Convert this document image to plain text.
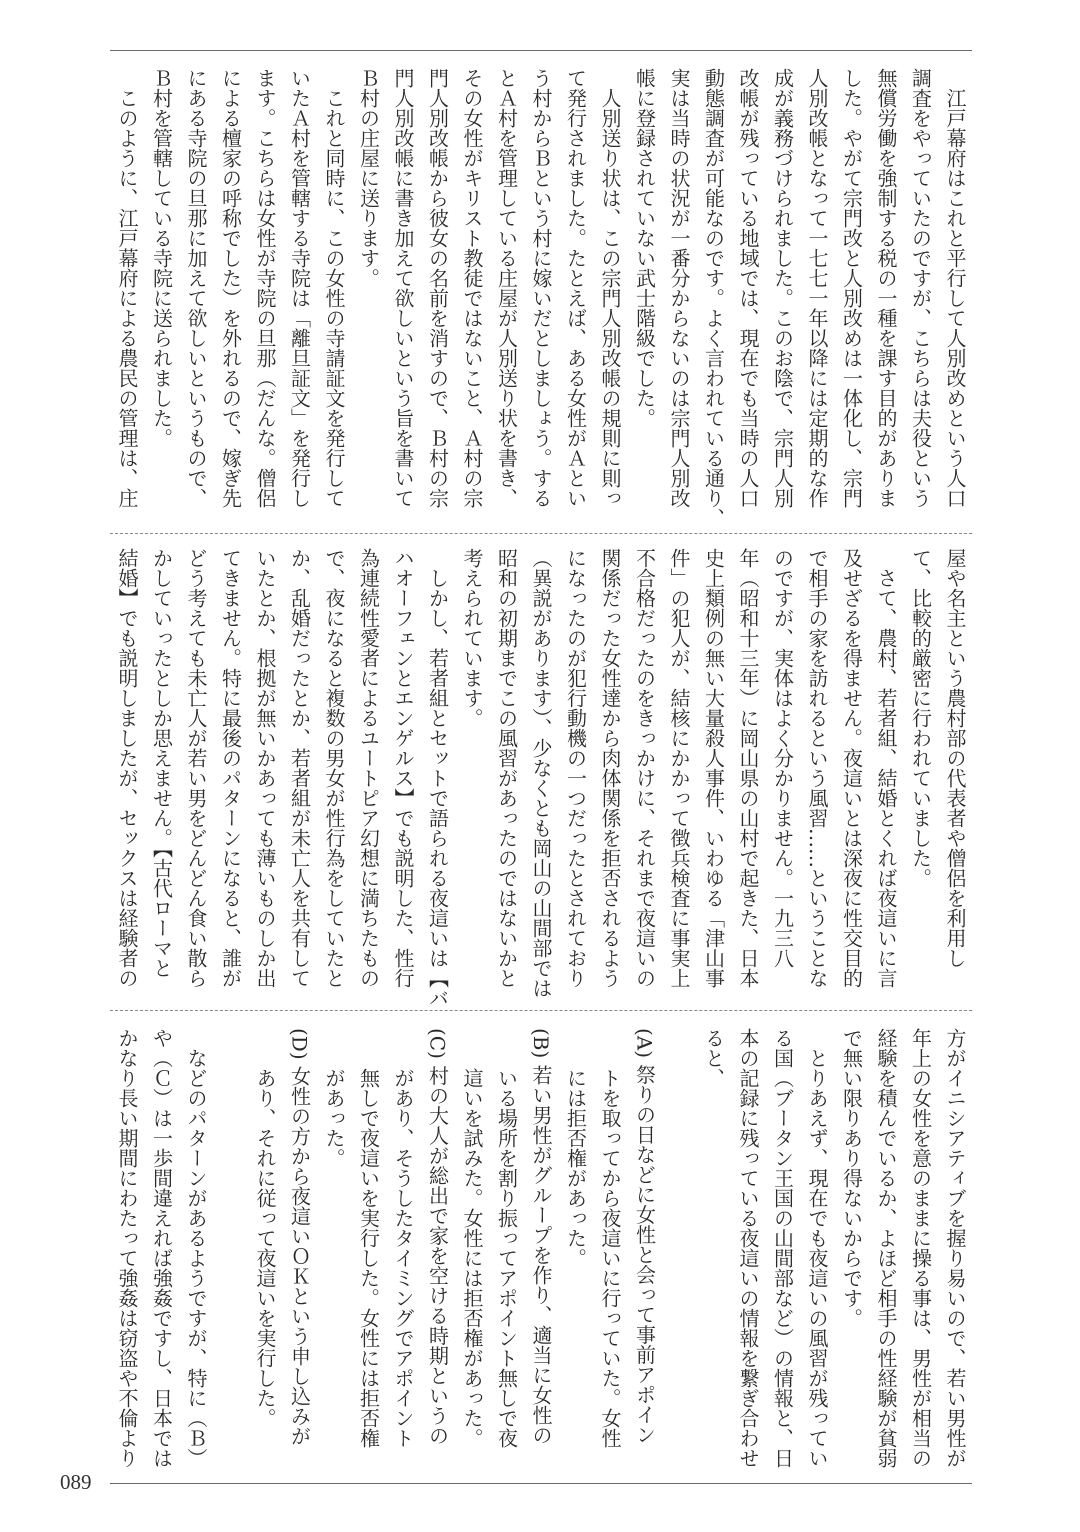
　江戸幕府はこれと平行して人別改めという人口
調査をやっていたのですが、こちらは夫役という
無償労働を強制する税の一種を課す目的がありま
した。やがて宗門改と人別改めは一体化し、宗門
人別改帳となって一七七一年以降には定期的な作
成が義務づけられました。このお陰で、宗門人別
改帳が残っている地域では、現在でも当時の人口
動態調査が可能なのです。よく言われている通り、
実は当時の状況が一番分からないのは宗門人別改
帳に登録されていない武士階級でした。
　人別送り状は、この宗門人別改帳の規則に則っ
て発行されました。たとえば、ある女性がＡとい
う村からＢという村に嫁いだとしましょう。する
とＡ村を管理している庄屋が人別送り状を書き、
その女性がキリスト教徒ではないこと、Ａ村の宗
門人別改帳から彼女の名前を消すので、Ｂ村の宗
門人別改帳に書き加えて欲しいという旨を書いて
Ｂ村の庄屋に送ります。
　これと同時に、この女性の寺請証文を発行して
いたＡ村を管轄する寺院は「離旦証文」を発行し
ます。こちらは女性が寺院の旦那（だんな。僧侶
による檀家の呼称でした）を外れるので、嫁ぎ先
にある寺院の旦那に加えて欲しいというもので、
Ｂ村を管轄している寺院に送られました。
　このように、江戸幕府による農民の管理は、庄
屋や名主という農村部の代表者や僧侶を利用し
て、比較的厳密に行われていました。
　さて、農村、若者組、結婚とくれば夜這いに言
及せざるを得ません。夜這いとは深夜に性交目的
で相手の家を訪れるという風習……ということな
のですが、実体はよく分かりません。一九三八
年（昭和十三年）に岡山県の山村で起きた、日本
史上類例の無い大量殺人事件、いわゆる「津山事
件」の犯人が、結核にかかって徴兵検査に事実上
不合格だったのをきっかけに、それまで夜這いの
関係だった女性達から肉体関係を拒否されるよう
になったのが犯行動機の一つだったとされており
（異説があります）、少なくとも岡山の山間部では
昭和の初期までこの風習があったのではないかと
考えられています。
　しかし、若者組とセットで語られる夜這いは【バ
ハオーフェンとエンゲルス】でも説明した、性行
為連続性愛者によるユートピア幻想に満ちたもの
で、夜になると複数の男女が性行為をしていたと
か、乱婚だったとか、若者組が未亡人を共有して
いたとか、根拠が無いかあっても薄いものしか出
てきません。特に最後のパターンになると、誰が
どう考えても未亡人が若い男をどんどん食い散ら
かしていったとしか思えません。【古代ローマと
結婚】でも説明しましたが、セックスは経験者の
方がイニシアティブを握り易いので、若い男性が
年上の女性を意のままに操る事は、男性が相当の
経験を積んでいるか、よほど相手の性経験が貧弱
で無い限りあり得ないからです。
　とりあえず、現在でも夜這いの風習が残ってい
る国（ブータン王国の山間部など）の情報と、日
本の記録に残っている夜這いの情報を繋ぎ合わせ
ると、
(A) 祭りの日などに女性と会って事前アポイン
　　トを取ってから夜這いに行っていた。女性
　　には拒否権があった。
(B) 若い男性がグループを作り、適当に女性の
　　いる場所を割り振ってアポイント無しで夜
　　這いを試みた。女性には拒否権があった。
(C) 村の大人が総出で家を空ける時期というの
　　があり、そうしたタイミングでアポイント
　　無しで夜這いを実行した。女性には拒否権
　　があった。
(D) 女性の方から夜這いＯＫという申し込みが
　　あり、それに従って夜這いを実行した。
　などのパターンがあるようですが、特に（Ｂ）
や（Ｃ）は一歩間違えれば強姦ですし、日本では
かなり長い期間にわたって強姦は窃盗や不倫より
089
